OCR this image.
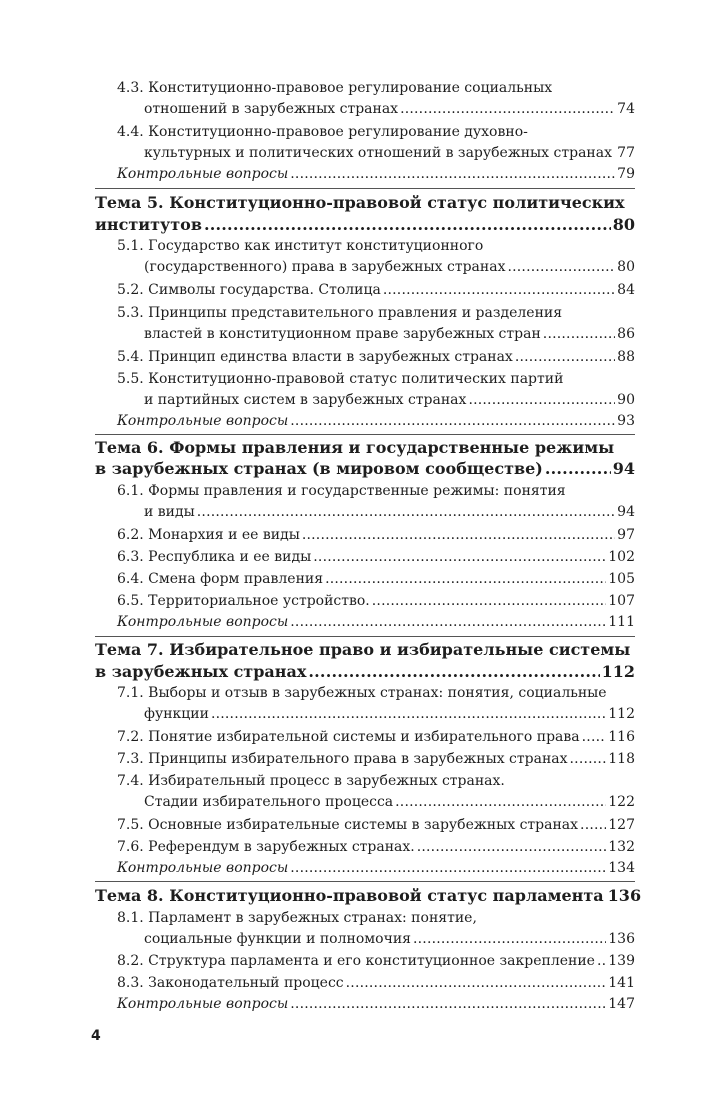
4.3. Конституционно-правовое регулирование социальных
отношений в зарубежных странах .....	74
4.4. Конституционно-правовое регулирование духовно-
культурных и политических отношений в зарубежных странах ..... 77
Контрольные вопросы .....	79
Тема 5. Конституционно-правовой статус политических
институтов .....	80
5.1. Государство как институт конституционного
(государственного) права в зарубежных странах .....	80
5.2. Символы государства. Столица .....	84
5.3. Принципы представительного правления и разделения
властей в конституционном праве зарубежных стран .....	86
5.4. Принцип единства власти в зарубежных странах .....	88
5.5. Конституционно-правовой статус политических партий
и партийных систем в зарубежных странах .....	90
Контрольные вопросы .....	93
Тема 6. Формы правления и государственные режимы
в зарубежных странах (в мировом сообществе) .....	94
6.1. Формы правления и государственные режимы: понятия
и виды .....	94
6.2. Монархия и ее виды .....	97
6.3. Республика и ее виды .....	102
6.4. Смена форм правления .....	105
6.5. Территориальное устройство. .....	107
Контрольные вопросы .....	111
Тема 7. Избирательное право и избирательные системы
в зарубежных странах .....	112
7.1. Выборы и отзыв в зарубежных странах: понятия, социальные
функции .....	112
7.2. Понятие избирательной системы и избирательного права ..... 116
7.3. Принципы избирательного права в зарубежных странах .....	118
7.4. Избирательный процесс в зарубежных странах.
Стадии избирательного процесса .....	122
7.5. Основные избирательные системы в зарубежных странах ..... 127
7.6. Референдум в зарубежных странах. .....	132
Контрольные вопросы .....	134
Тема 8. Конституционно-правовой статус парламента 136
8.1. Парламент в зарубежных странах: понятие,
социальные функции и полномочия .....	136
8.2. Структура парламента и его конституционное закрепление ..... 139
8.3. Законодательный процесс .....	141
Контрольные вопросы .....	147
4
